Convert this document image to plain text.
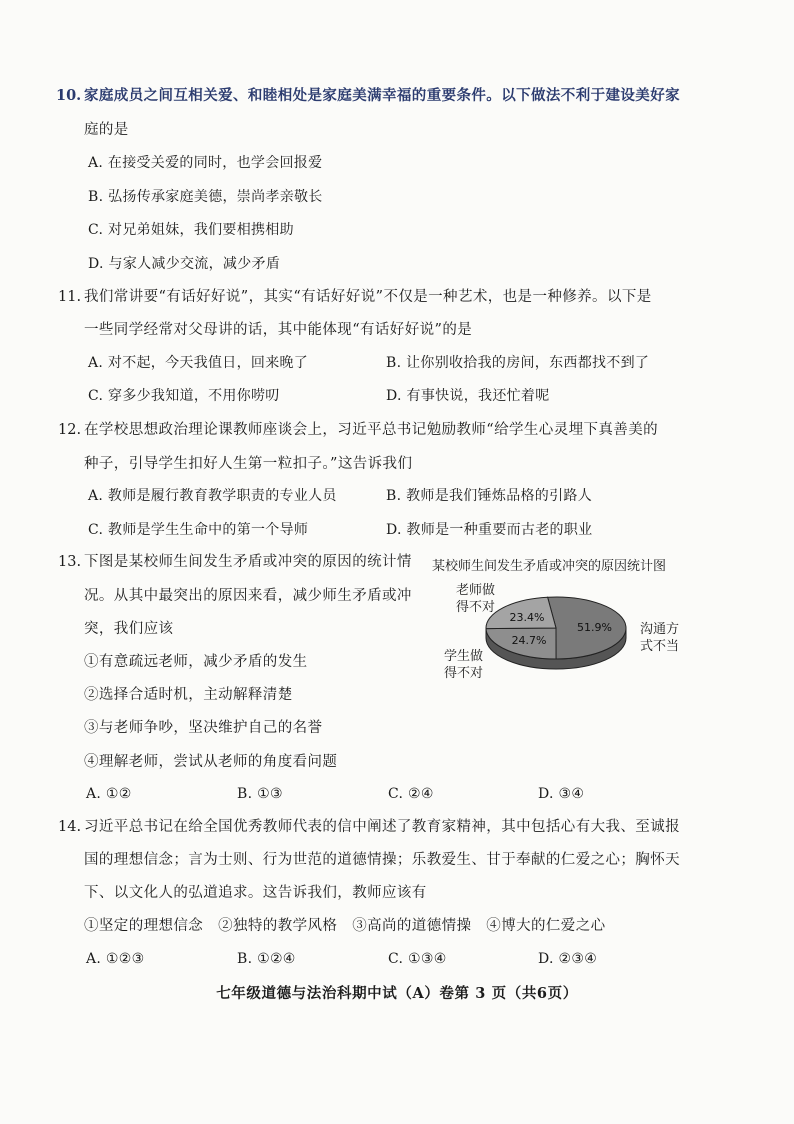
10. 家庭成员之间互相关爱、和睦相处是家庭美满幸福的重要条件。以下做法不利于建设美好家
庭的是
A. 在接受关爱的同时，也学会回报爱
B. 弘扬传承家庭美德，崇尚孝亲敬长
C. 对兄弟姐妹，我们要相携相助
D. 与家人减少交流，减少矛盾
11. 我们常讲要“有话好好说”，其实“有话好好说”不仅是一种艺术，也是一种修养。以下是
一些同学经常对父母讲的话，其中能体现“有话好好说”的是
A. 对不起，今天我值日，回来晚了	B. 让你别收拾我的房间，东西都找不到了
C. 穿多少我知道，不用你唠叨	D. 有事快说，我还忙着呢
12. 在学校思想政治理论课教师座谈会上，习近平总书记勉励教师“给学生心灵埋下真善美的
种子，引导学生扣好人生第一粒扣子。”这告诉我们
A. 教师是履行教育教学职责的专业人员	B. 教师是我们锤炼品格的引路人
C. 教师是学生生命中的第一个导师	D. 教师是一种重要而古老的职业
13. 下图是某校师生间发生矛盾或冲突的原因的统计情
况。从其中最突出的原因来看，减少师生矛盾或冲
突，我们应该
①有意疏远老师，减少矛盾的发生
②选择合适时机，主动解释清楚
③与老师争吵，坚决维护自己的名誉
④理解老师，尝试从老师的角度看问题
A. ①②	B. ①③	C. ②④	D. ③④
某校师生间发生矛盾或冲突的原因统计图
老师做
得不对
学生做
得不对
沟通方
式不当
51.9%
24.7%
23.4%
14. 习近平总书记在给全国优秀教师代表的信中阐述了教育家精神，其中包括心有大我、至诚报
国的理想信念；言为士则、行为世范的道德情操；乐教爱生、甘于奉献的仁爱之心；胸怀天
下、以文化人的弘道追求。这告诉我们，教师应该有
①坚定的理想信念　②独特的教学风格　③高尚的道德情操　④博大的仁爱之心
A. ①②③	B. ①②④	C. ①③④	D. ②③④
七年级道德与法治科期中试（A）卷第 3 页（共6页）
